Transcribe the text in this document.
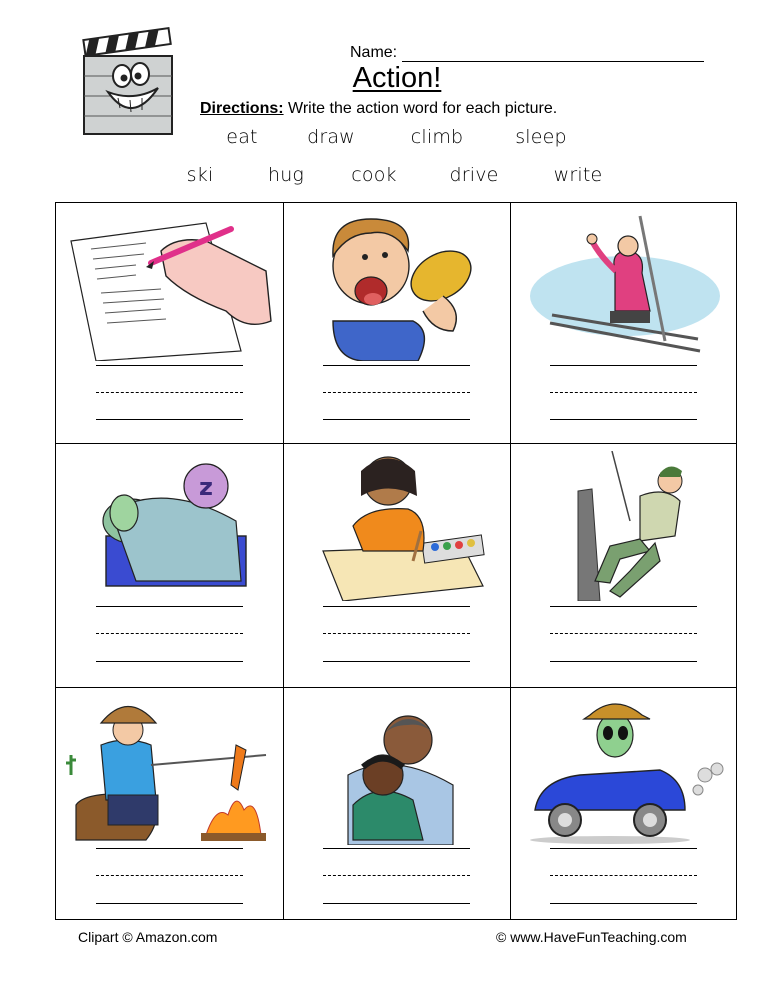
Name:
Action!
Directions: Write the action word for each picture.
eat	draw	climb	sleep
ski	hug cook	drive	write
z
Clipart © Amazon.com	© www.HaveFunTeaching.com
